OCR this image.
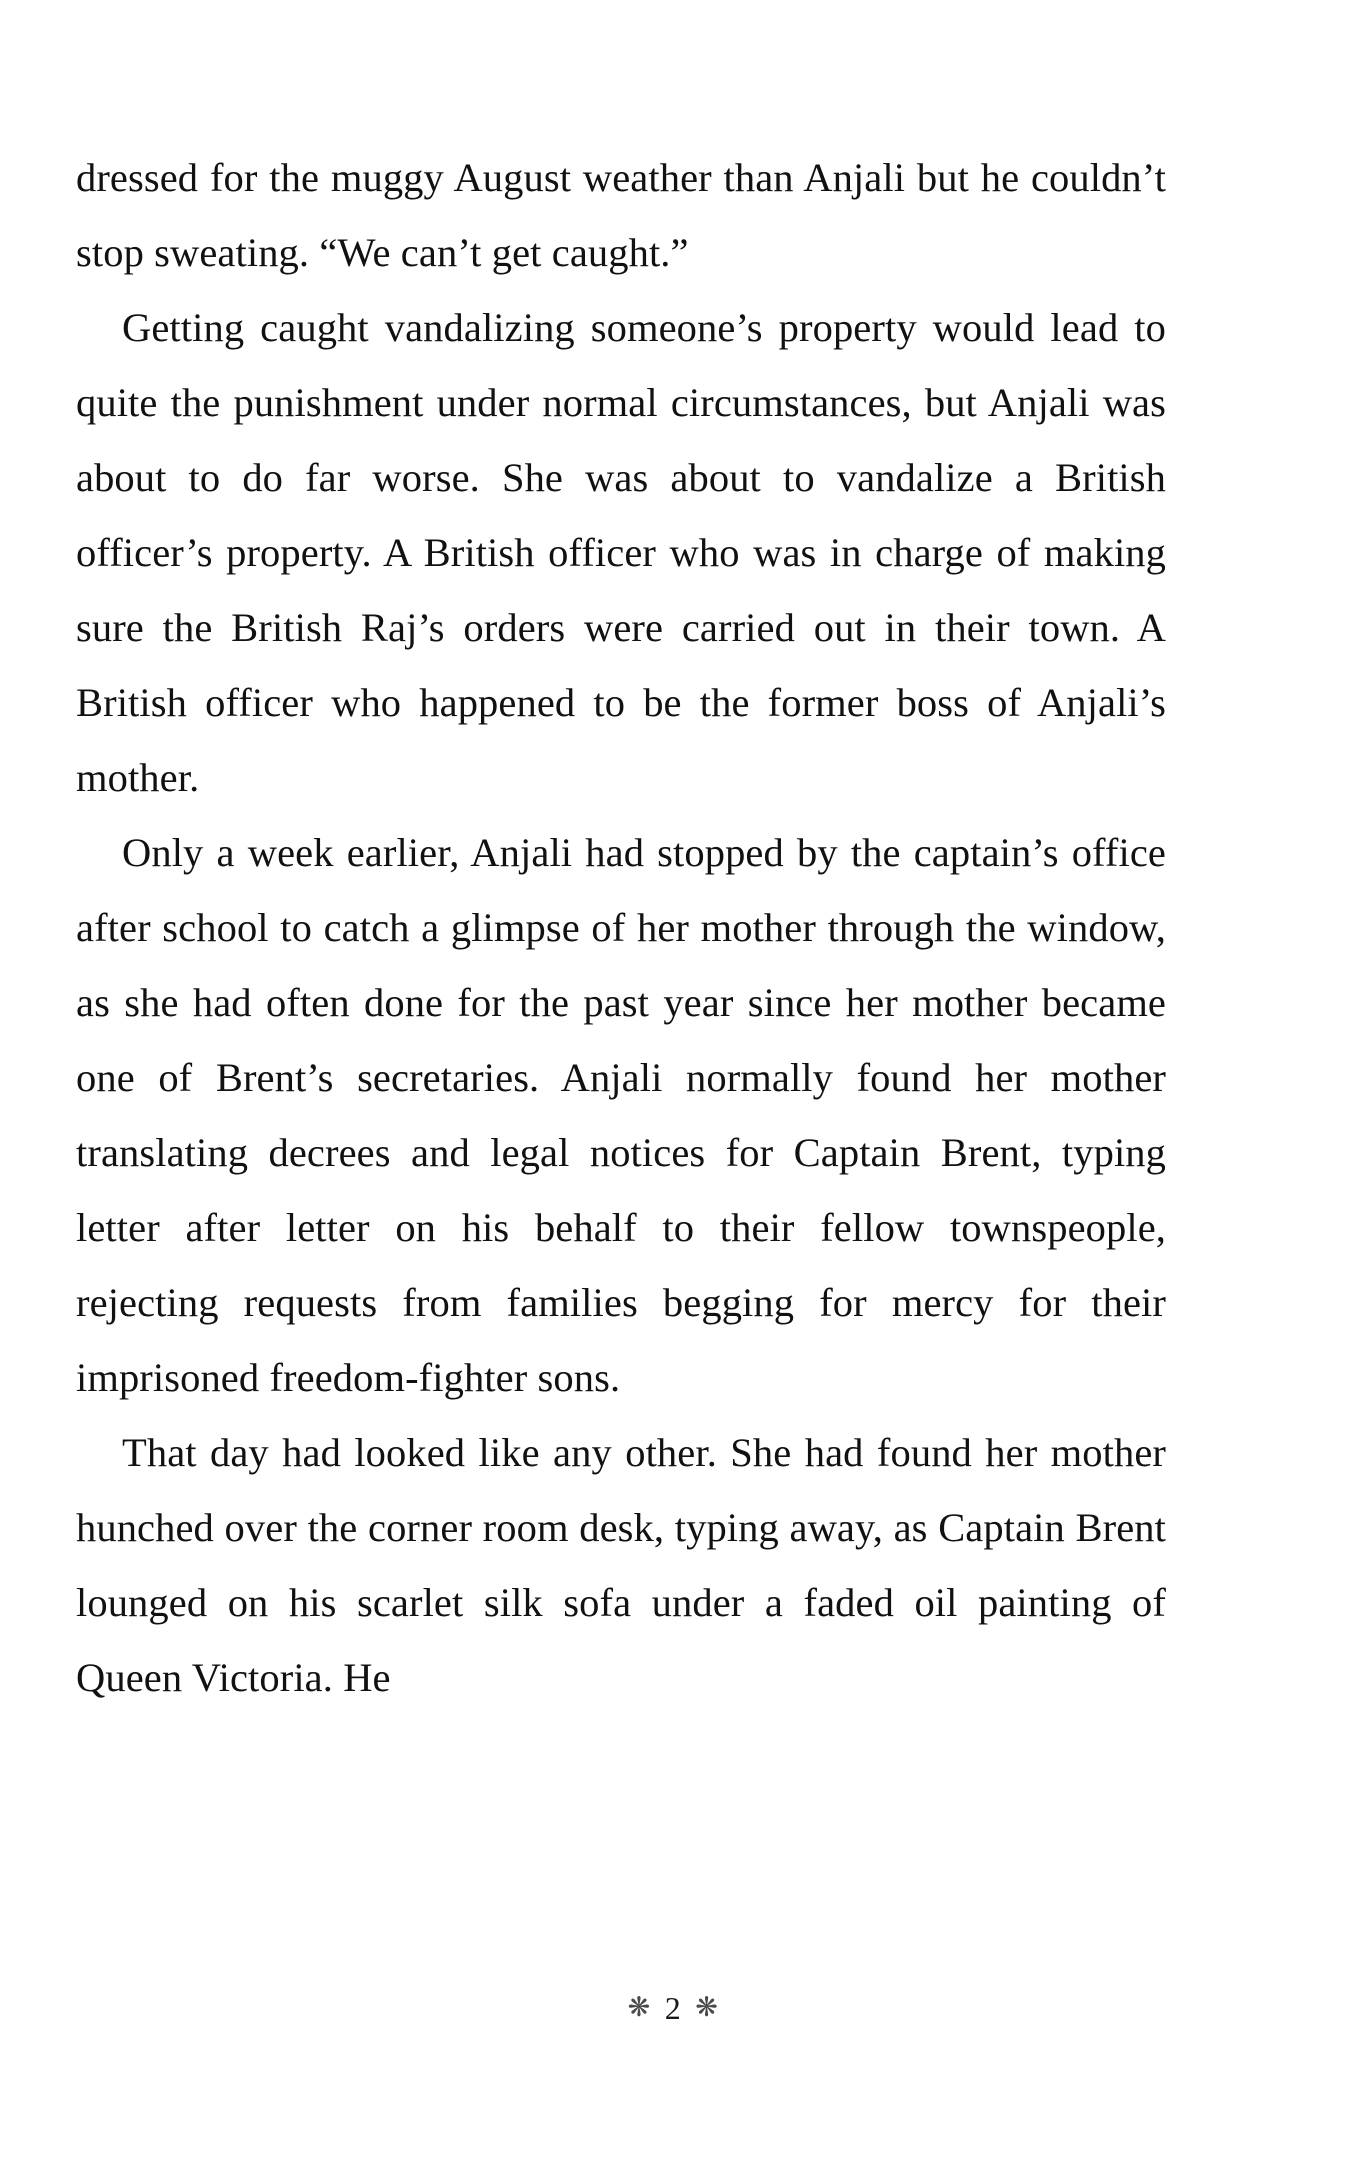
dressed for the muggy August weather than Anjali but he couldn’t stop sweating. “We can’t get caught.”

Getting caught vandalizing someone’s property would lead to quite the punishment under normal circumstances, but Anjali was about to do far worse. She was about to vandalize a British officer’s property. A British officer who was in charge of making sure the British Raj’s orders were carried out in their town. A British officer who happened to be the former boss of Anjali’s mother.

Only a week earlier, Anjali had stopped by the captain’s office after school to catch a glimpse of her mother through the window, as she had often done for the past year since her mother became one of Brent’s secretaries. Anjali normally found her mother translating decrees and legal notices for Captain Brent, typing letter after letter on his behalf to their fellow townspeople, rejecting requests from families begging for mercy for their imprisoned freedom-fighter sons.

That day had looked like any other. She had found her mother hunched over the corner room desk, typing away, as Captain Brent lounged on his scarlet silk sofa under a faded oil painting of Queen Victoria. He

❋ 2 ❋
